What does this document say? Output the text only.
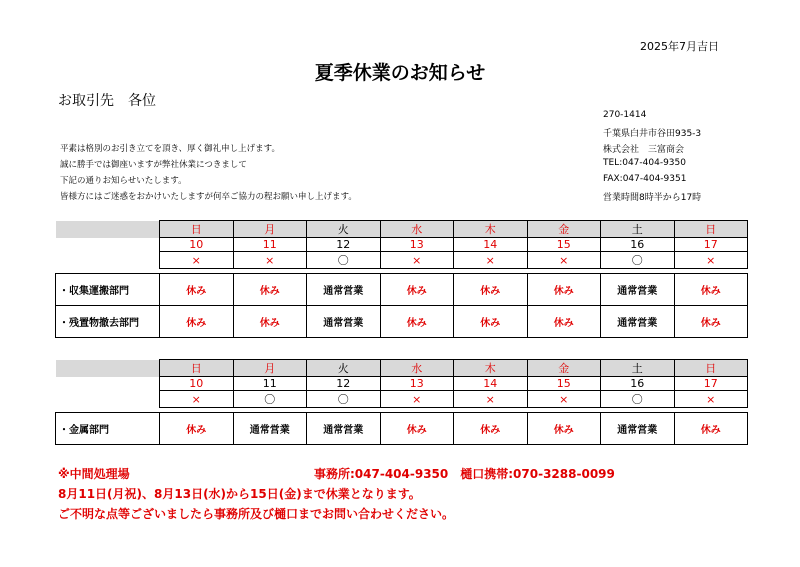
2025年7月吉日
夏季休業のお知らせ
お取引先　各位
平素は格別のお引き立てを頂き、厚く御礼申し上げます。
誠に勝手では御座いますが弊社休業につきまして
下記の通りお知らせいたします。
皆様方にはご迷惑をおかけいたしますが何卒ご協力の程お願い申し上げます。
270-1414
千葉県白井市谷田935-3
株式会社　三富商会
TEL:047-404-9350
FAX:047-404-9351
営業時間8時半から17時
	日	月	火	水	木	金	土	日
	10	11	12	13	14	15	16	17
	×	×	〇	×	×	×	〇	×

・収集運搬部門	休み	休み	通常営業	休み	休み	休み	通常営業	休み
・残置物撤去部門	休み	休み	通常営業	休み	休み	休み	通常営業	休み
	日	月	火	水	木	金	土	日
	10	11	12	13	14	15	16	17
	×	〇	〇	×	×	×	〇	×

・金属部門	休み	通常営業	通常営業	休み	休み	休み	通常営業	休み
※中間処理場	事務所:047-404-9350　樋口携帯:070-3288-0099
8月11日(月祝)、8月13日(水)から15日(金)まで休業となります。
ご不明な点等ございましたら事務所及び樋口までお問い合わせください。
